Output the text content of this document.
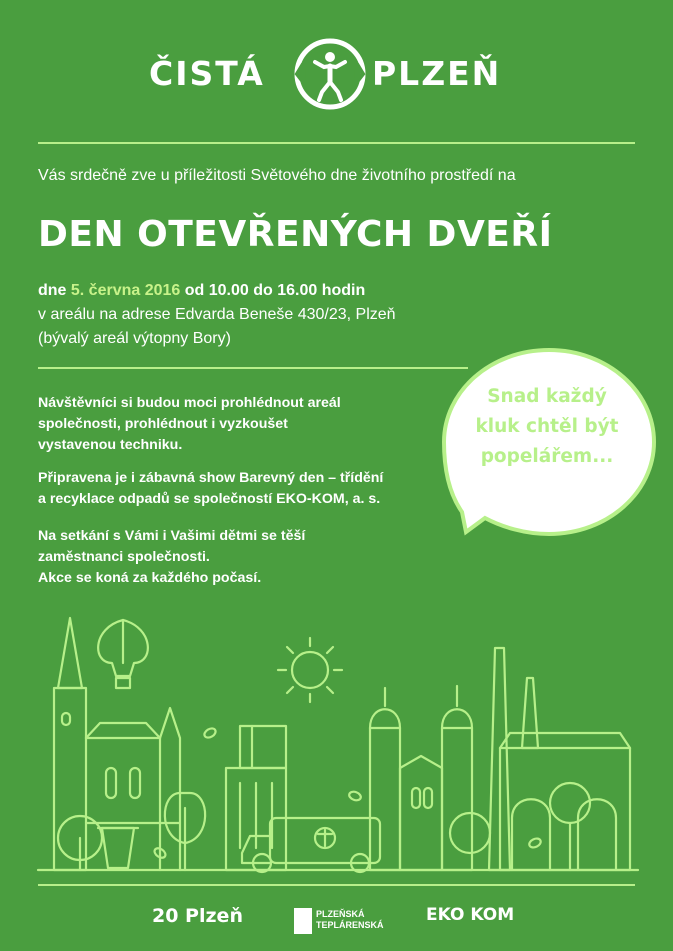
ČISTÁ	PLZEŇ
Vás srdečně zve u příležitosti Světového dne životního prostředí na
DEN OTEVŘENÝCH DVEŘÍ
dne 5. června 2016 od 10.00 do 16.00 hodin
v areálu na adrese Edvarda Beneše 430/23, Plzeň
(bývalý areál výtopny Bory)
Návštěvníci si budou moci prohlédnout areál
společnosti, prohlédnout i vyzkoušet
vystavenou techniku.
Připravena je i zábavná show Barevný den – třídění
a recyklace odpadů se společností EKO-KOM, a. s.
Na setkání s Vámi i Vašimi dětmi se těší
zaměstnanci společnosti.
Akce se koná za každého počasí.
Snad každý
kluk chtěl být
popelářem...
20 Plzeň	PLZEŇSKÁ
TEPLÁRENSKÁ EKO KOM
